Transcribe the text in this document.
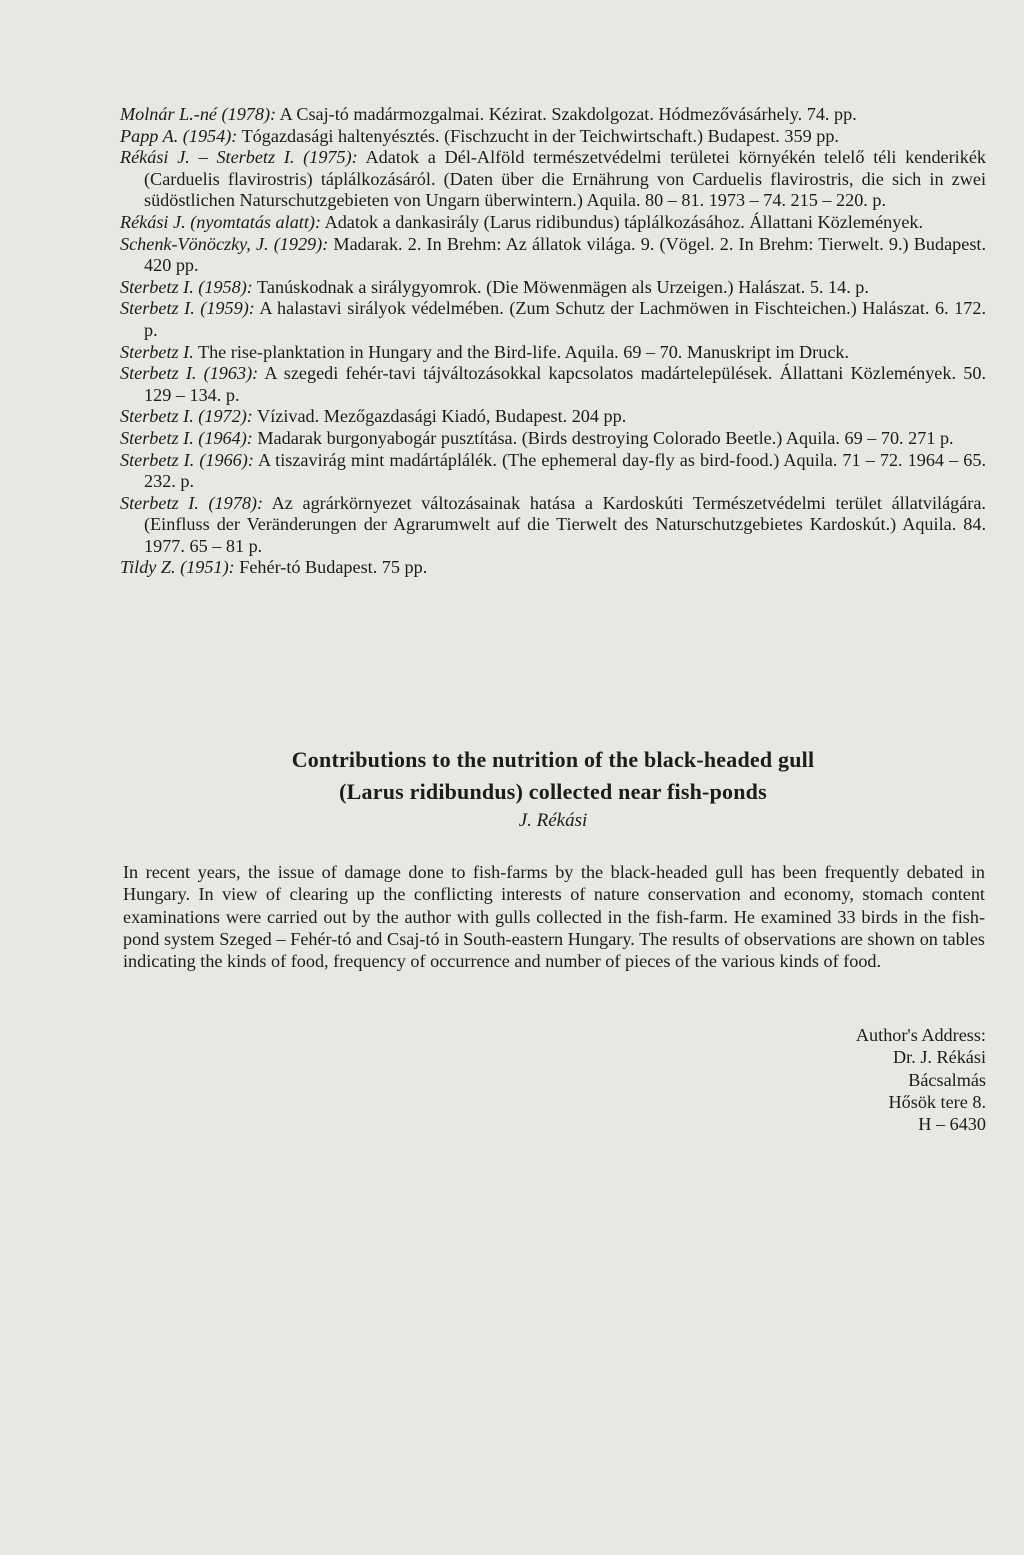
Molnár L.-né (1978): A Csaj-tó madármozgalmai. Kézirat. Szakdolgozat. Hódmezővásárhely. 74. pp.

Papp A. (1954): Tógazdasági haltenyésztés. (Fischzucht in der Teichwirtschaft.) Budapest. 359 pp.

Rékási J. – Sterbetz I. (1975): Adatok a Dél-Alföld természetvédelmi területei környékén telelő téli kenderikék (Carduelis flavirostris) táplálkozásáról. (Daten über die Ernährung von Carduelis flavirostris, die sich in zwei südöstlichen Naturschutzgebieten von Ungarn überwintern.) Aquila. 80 – 81. 1973 – 74. 215 – 220. p.

Rékási J. (nyomtatás alatt): Adatok a dankasirály (Larus ridibundus) táplálkozásához. Állattani Közlemények.

Schenk-Vönöczky, J. (1929): Madarak. 2. In Brehm: Az állatok világa. 9. (Vögel. 2. In Brehm: Tierwelt. 9.) Budapest. 420 pp.

Sterbetz I. (1958): Tanúskodnak a sirálygyomrok. (Die Möwenmägen als Urzeigen.) Halászat. 5. 14. p.

Sterbetz I. (1959): A halastavi sirályok védelmében. (Zum Schutz der Lachmöwen in Fischteichen.) Halászat. 6. 172. p.

Sterbetz I. The rise-planktation in Hungary and the Bird-life. Aquila. 69 – 70. Manuskript im Druck.

Sterbetz I. (1963): A szegedi fehér-tavi tájváltozásokkal kapcsolatos madártelepülések. Állattani Közlemények. 50. 129 – 134. p.

Sterbetz I. (1972): Vízivad. Mezőgazdasági Kiadó, Budapest. 204 pp.

Sterbetz I. (1964): Madarak burgonyabogár pusztítása. (Birds destroying Colorado Beetle.) Aquila. 69 – 70. 271 p.

Sterbetz I. (1966): A tiszavirág mint madártáplálék. (The ephemeral day-fly as bird-food.) Aquila. 71 – 72. 1964 – 65. 232. p.

Sterbetz I. (1978): Az agrárkörnyezet változásainak hatása a Kardoskúti Természetvédelmi terület állatvilágára. (Einfluss der Veränderungen der Agrarumwelt auf die Tierwelt des Naturschutzgebietes Kardoskút.) Aquila. 84. 1977. 65 – 81 p.

Tildy Z. (1951): Fehér-tó Budapest. 75 pp.

Contributions to the nutrition of the black-headed gull
(Larus ridibundus) collected near fish-ponds
J. Rékási

In recent years, the issue of damage done to fish-farms by the black-headed gull has been frequently debated in Hungary. In view of clearing up the conflicting interests of nature conservation and economy, stomach content examinations were carried out by the author with gulls collected in the fish-farm. He examined 33 birds in the fish-pond system Szeged – Fehér-tó and Csaj-tó in South-eastern Hungary. The results of observations are shown on tables indicating the kinds of food, frequency of occurrence and number of pieces of the various kinds of food.

Author's Address:
Dr. J. Rékási
Bácsalmás
Hősök tere 8.
H – 6430
